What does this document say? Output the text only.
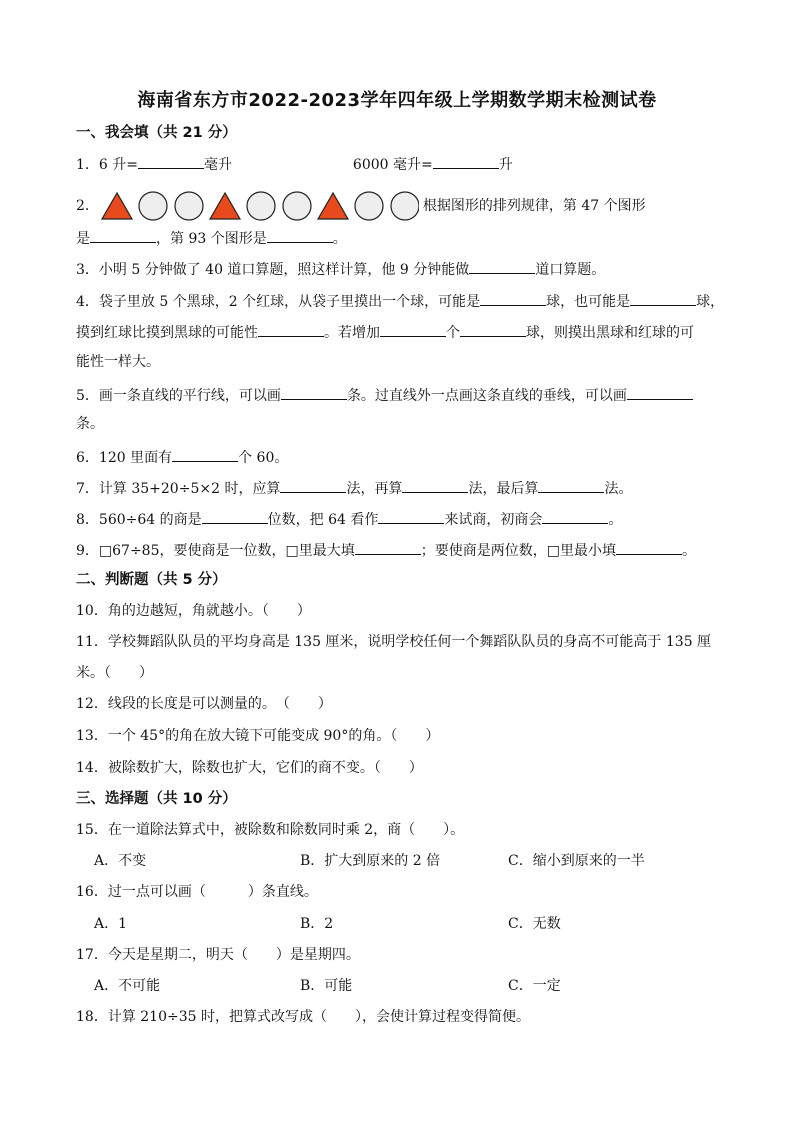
海南省东方市2022-2023学年四年级上学期数学期末检测试卷
一、我会填（共 21 分）
1．6 升=	毫升	6000 毫升=	升
2．	根据图形的排列规律，第 47 个图形
是	，第 93 个图形是	。
3．小明 5 分钟做了 40 道口算题，照这样计算，他 9 分钟能做	道口算题。
4．袋子里放 5 个黑球，2 个红球，从袋子里摸出一个球，可能是	球，也可能是	球，
摸到红球比摸到黑球的可能性	。若增加	个	球，则摸出黑球和红球的可
能性一样大。
5．画一条直线的平行线，可以画	条。过直线外一点画这条直线的垂线，可以画
条。
6．120 里面有	个 60。
7．计算 35+20÷5×2 时，应算	法，再算	法，最后算	法。
8．560÷64 的商是	位数，把 64 看作	来试商，初商会	。
9．□67÷85，要使商是一位数，□里最大填	；要使商是两位数，□里最小填	。
二、判断题（共 5 分）
10．角的边越短，角就越小。（　　）
11．学校舞蹈队队员的平均身高是 135 厘米，说明学校任何一个舞蹈队队员的身高不可能高于 135 厘
米。（　　）
12．线段的长度是可以测量的。　（　　）
13．一个 45°的角在放大镜下可能变成 90°的角。（　　）
14．被除数扩大，除数也扩大，它们的商不变。（　　）
三、选择题（共 10 分）
15．在一道除法算式中，被除数和除数同时乘 2，商（　　）。
A．不变	B．扩大到原来的 2 倍	C．缩小到原来的一半
16．过一点可以画（　　　）条直线。
A．1	B．2	C．无数
17．今天是星期二，明天（　　）是星期四。
A．不可能	B．可能	C．一定
18．计算 210÷35 时，把算式改写成（　　），会使计算过程变得简便。
